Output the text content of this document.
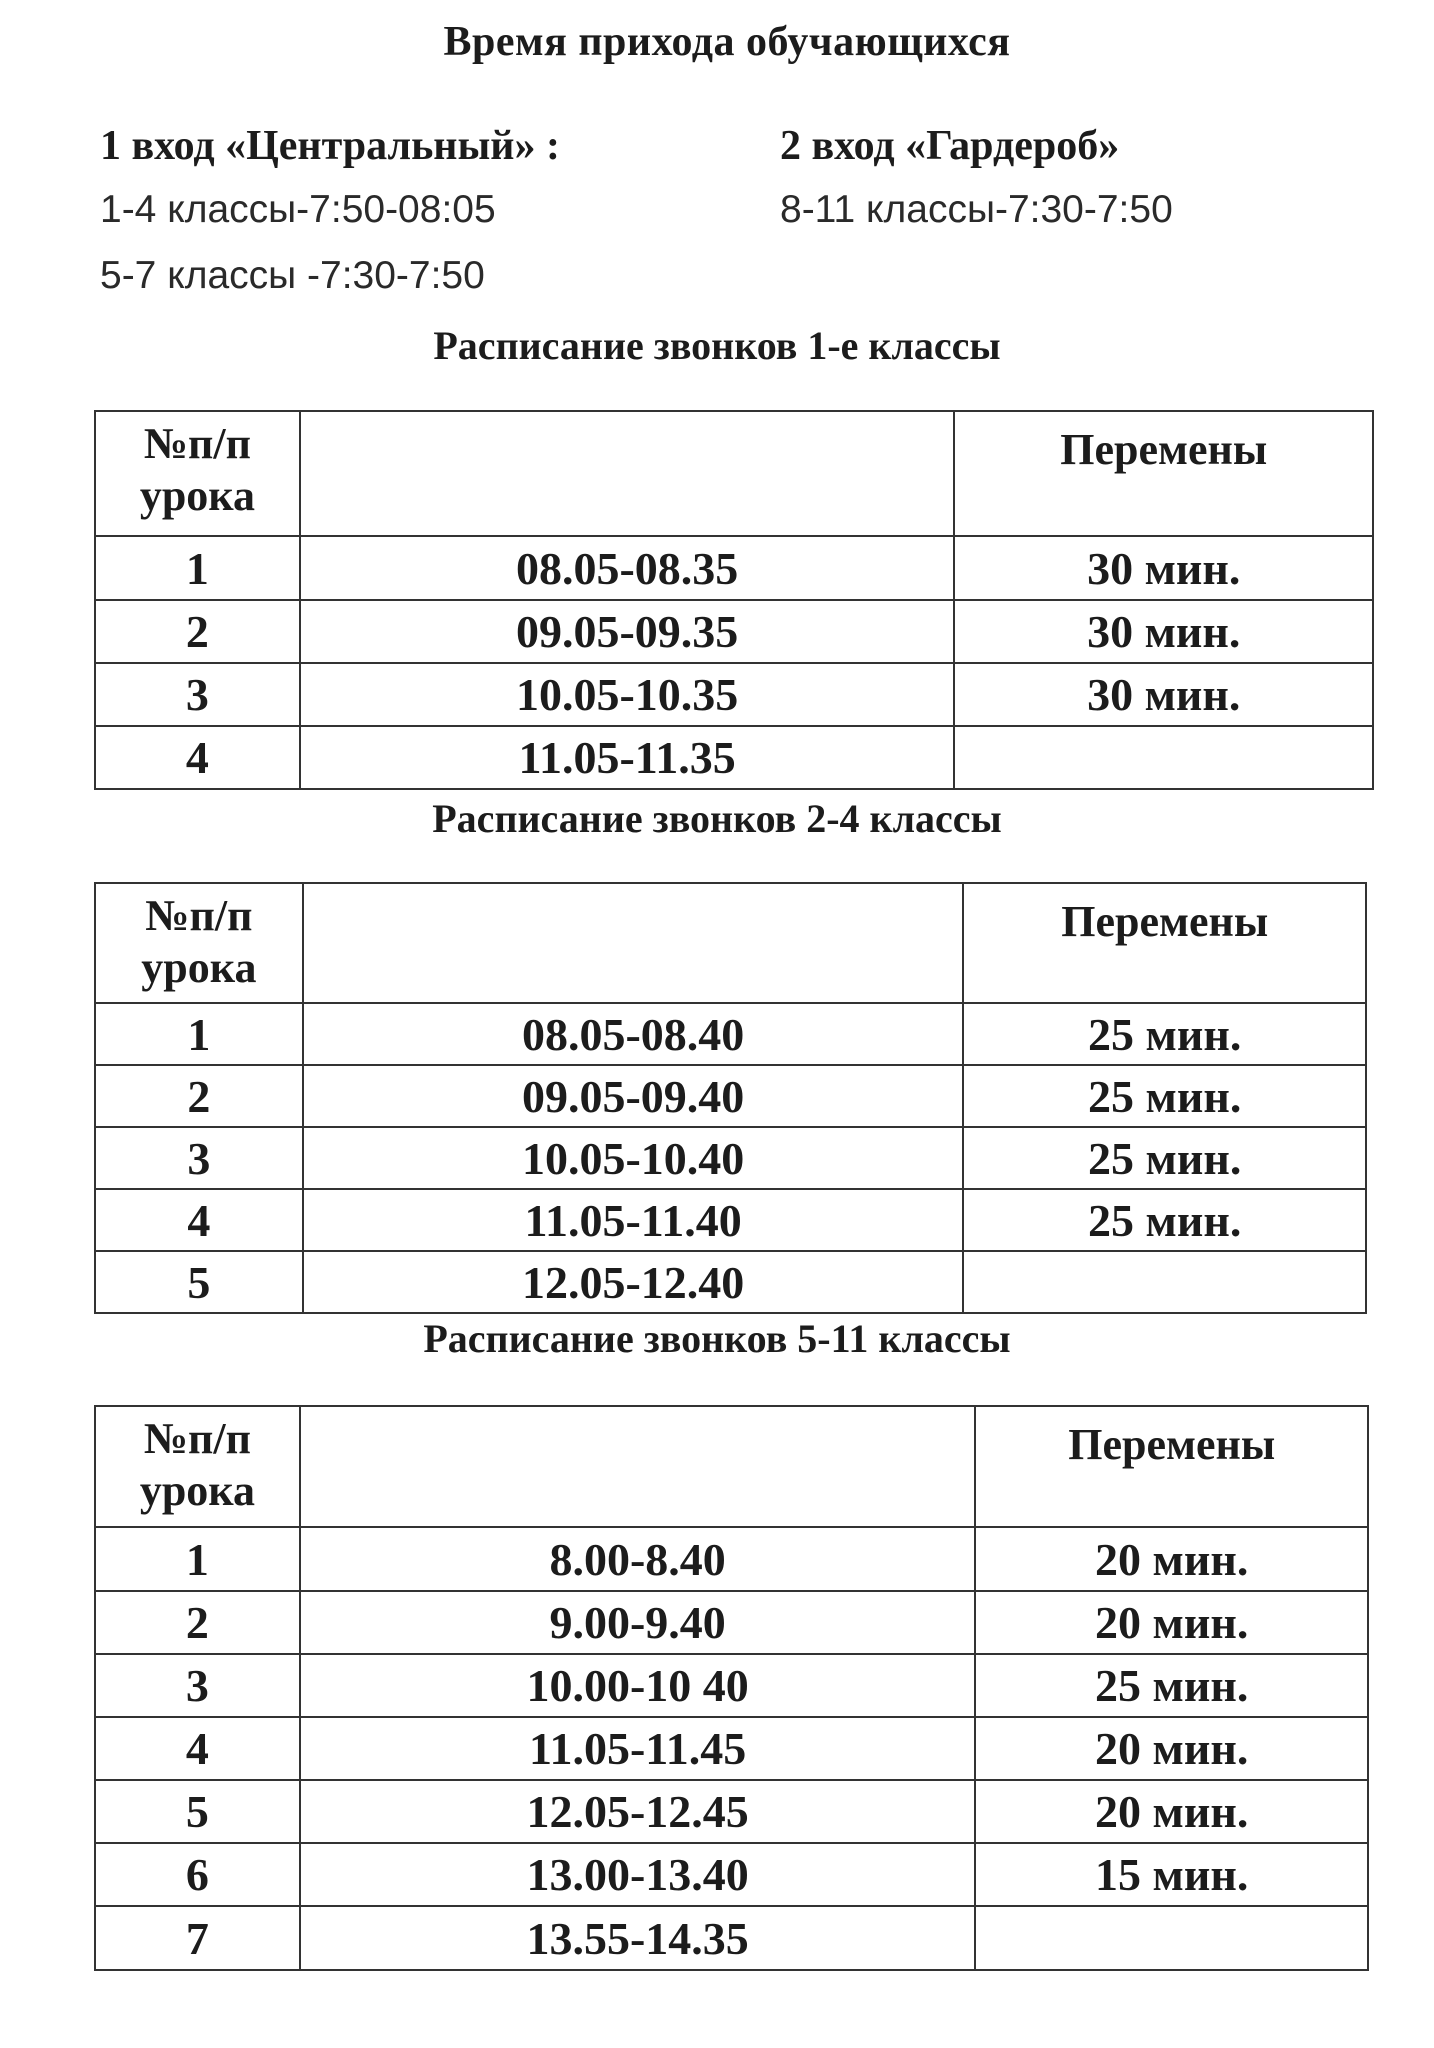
Время прихода обучающихся
1 вход «Центральный» :
1-4 классы-7:50-08:05
5-7 классы -7:30-7:50
2 вход «Гардероб»
8-11 классы-7:30-7:50
Расписание звонков 1-е классы
№п/п
урока		Перемены
1	08.05-08.35	30 мин.
2	09.05-09.35	30 мин.
3	10.05-10.35	30 мин.
4	11.05-11.35	
Расписание звонков 2-4 классы
№п/п
урока		Перемены
1	08.05-08.40	25 мин.
2	09.05-09.40	25 мин.
3	10.05-10.40	25 мин.
4	11.05-11.40	25 мин.
5	12.05-12.40	
Расписание звонков 5-11 классы
№п/п
урока		Перемены
1	8.00-8.40	20 мин.
2	9.00-9.40	20 мин.
3	10.00-10 40	25 мин.
4	11.05-11.45	20 мин.
5	12.05-12.45	20 мин.
6	13.00-13.40	15 мин.
7	13.55-14.35	
